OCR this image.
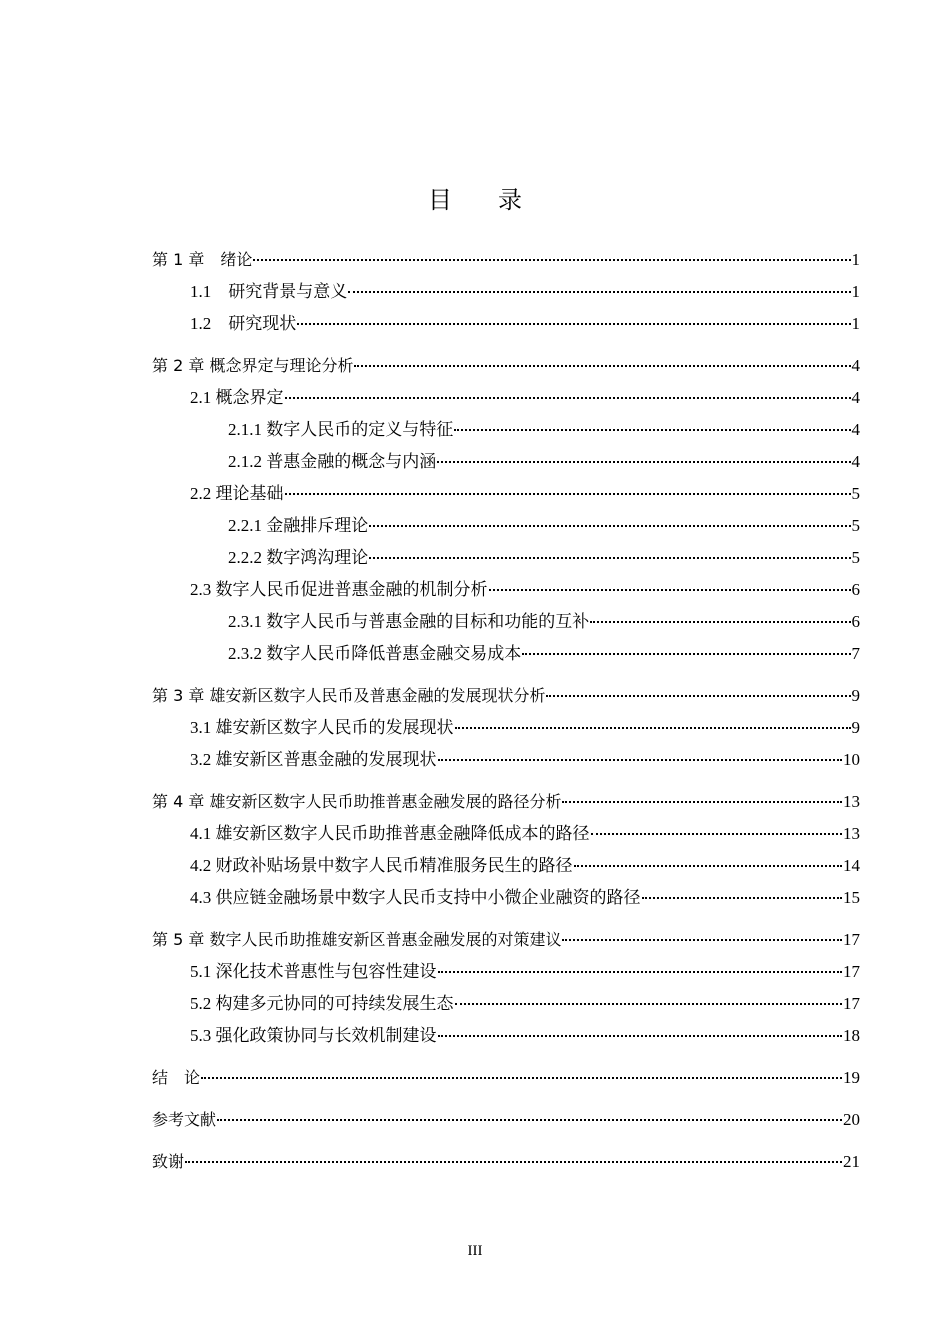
目 录
第 1 章　绪论	1
1.1　研究背景与意义	1
1.2　研究现状	1
第 2 章 概念界定与理论分析	4
2.1 概念界定	4
2.1.1 数字人民币的定义与特征	4
2.1.2 普惠金融的概念与内涵	4
2.2 理论基础	5
2.2.1 金融排斥理论	5
2.2.2 数字鸿沟理论	5
2.3 数字人民币促进普惠金融的机制分析	6
2.3.1 数字人民币与普惠金融的目标和功能的互补	6
2.3.2 数字人民币降低普惠金融交易成本	7
第 3 章 雄安新区数字人民币及普惠金融的发展现状分析	9
3.1 雄安新区数字人民币的发展现状	9
3.2 雄安新区普惠金融的发展现状	10
第 4 章 雄安新区数字人民币助推普惠金融发展的路径分析	13
4.1 雄安新区数字人民币助推普惠金融降低成本的路径	13
4.2 财政补贴场景中数字人民币精准服务民生的路径	14
4.3 供应链金融场景中数字人民币支持中小微企业融资的路径	15
第 5 章 数字人民币助推雄安新区普惠金融发展的对策建议	17
5.1 深化技术普惠性与包容性建设	17
5.2 构建多元协同的可持续发展生态	17
5.3 强化政策协同与长效机制建设	18
结　论	19
参考文献	20
致谢	21
III
